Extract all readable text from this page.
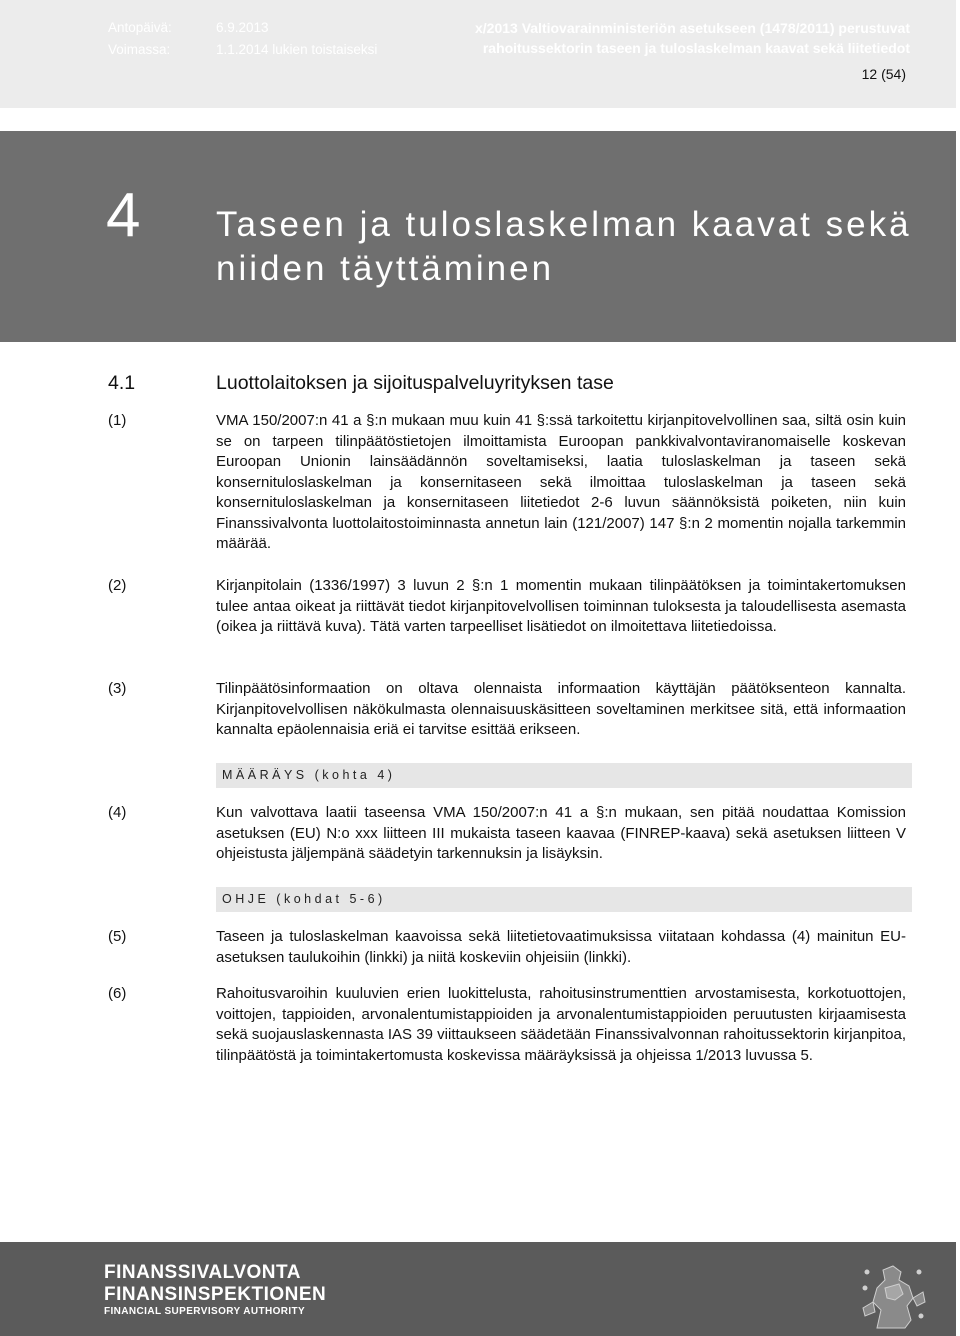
Antopäivä:	6.9.2013
Voimassa:	1.1.2014 lukien toistaiseksi
x/2013 Valtiovarainministeriön asetukseen (1478/2011) perustuvat
rahoitussektorin taseen ja tuloslaskelman kaavat sekä liitetiedot
12 (54)
4 Taseen ja tuloslaskelman kaavat sekä
niiden täyttäminen
4.1	Luottolaitoksen ja sijoituspalveluyrityksen tase
(1)	VMA 150/2007:n 41 a §:n mukaan muu kuin 41 §:ssä tarkoitettu kirjanpitovelvollinen saa, siltä osin kuin se on tarpeen tilinpäätöstietojen ilmoittamista Euroopan pankkivalvontaviranomaiselle koskevan Euroopan Unionin lainsäädännön soveltamiseksi, laatia tuloslaskelman ja taseen sekä konsernituloslaskelman ja konsernitaseen sekä ilmoittaa tuloslaskelman ja taseen sekä konsernituloslaskelman ja konsernitaseen liitetiedot 2-6 luvun säännöksistä poiketen, niin kuin Finanssivalvonta luottolaitostoiminnasta annetun lain (121/2007) 147 §:n 2 momentin nojalla tarkemmin määrää.
(2)	Kirjanpitolain (1336/1997) 3 luvun 2 §:n 1 momentin mukaan tilinpäätöksen ja toimintakertomuksen tulee antaa oikeat ja riittävät tiedot kirjanpitovelvollisen toiminnan tuloksesta ja taloudellisesta asemasta (oikea ja riittävä kuva). Tätä varten tarpeelliset lisätiedot on ilmoitettava liitetiedoissa.
(3)	Tilinpäätösinformaation on oltava olennaista informaation käyttäjän päätöksenteon kannalta. Kirjanpitovelvollisen näkökulmasta olennaisuuskäsitteen soveltaminen merkitsee sitä, että informaation kannalta epäolennaisia eriä ei tarvitse esittää erikseen.
MÄÄRÄYS (kohta 4)
(4)	Kun valvottava laatii taseensa VMA 150/2007:n 41 a §:n mukaan, sen pitää noudattaa Komission asetuksen (EU) N:o xxx liitteen III mukaista taseen kaavaa (FINREP-kaava) sekä asetuksen liitteen V ohjeistusta jäljempänä säädetyin tarkennuksin ja lisäyksin.
OHJE (kohdat 5-6)
(5)	Taseen ja tuloslaskelman kaavoissa sekä liitetietovaatimuksissa viitataan kohdassa (4) mainitun EU-asetuksen taulukoihin (linkki) ja niitä koskeviin ohjeisiin (linkki).
(6)	Rahoitusvaroihin kuuluvien erien luokittelusta, rahoitusinstrumenttien arvostamisesta, korkotuottojen, voittojen, tappioiden, arvonalentumistappioiden ja arvonalentumistappioiden peruutusten kirjaamisesta sekä suojauslaskennasta IAS 39 viittaukseen säädetään Finanssivalvonnan rahoitussektorin kirjanpitoa, tilinpäätöstä ja toimintakertomusta koskevissa määräyksissä ja ohjeissa 1/2013 luvussa 5.
FINANSSIVALVONTA
FINANSINSPEKTIONEN
FINANCIAL SUPERVISORY AUTHORITY
